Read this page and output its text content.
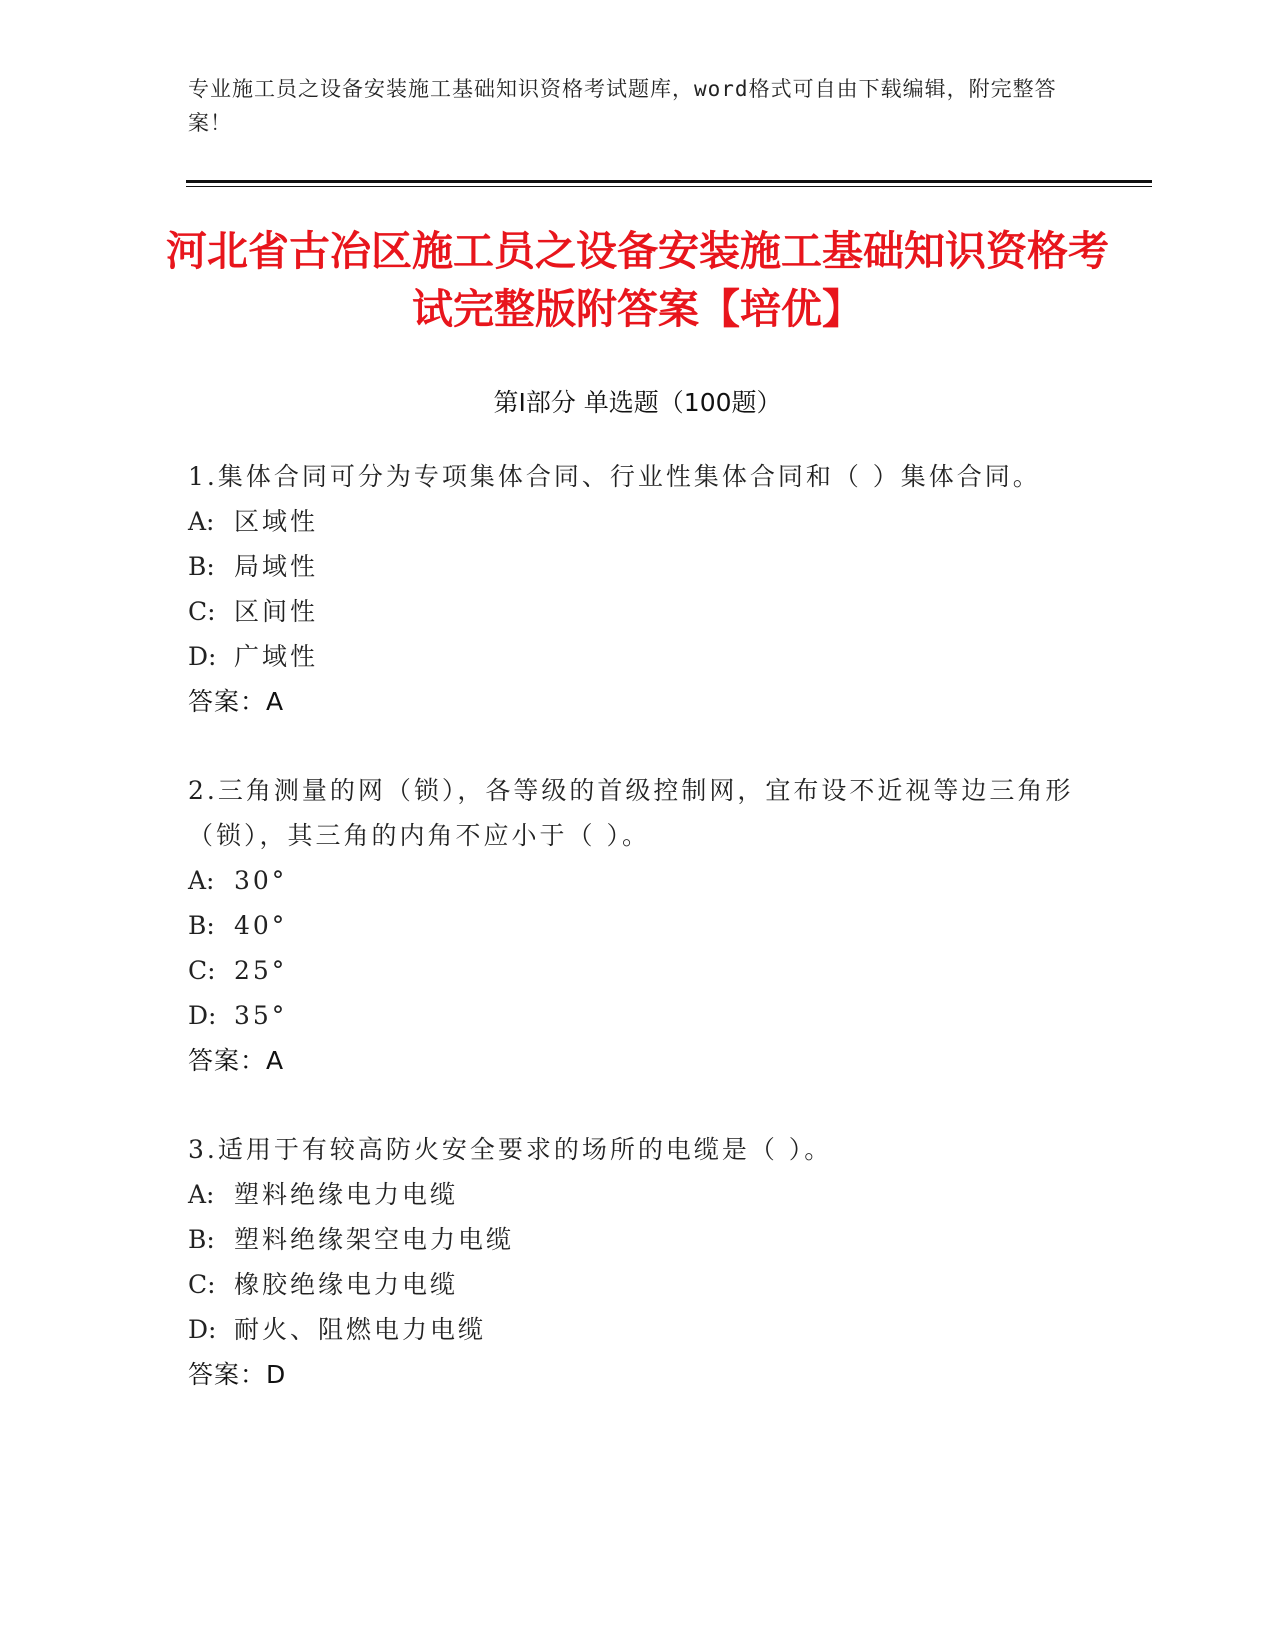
专业施工员之设备安装施工基础知识资格考试题库，word格式可自由下载编辑，附完整答案！
河北省古冶区施工员之设备安装施工基础知识资格考试完整版附答案【培优】
第Ⅰ部分 单选题（100题）

1.集体合同可分为专项集体合同、行业性集体合同和（ ）集体合同。

A: 区域性

B: 局域性

C: 区间性

D: 广域性

答案：A

2.三角测量的网（锁），各等级的首级控制网，宜布设不近视等边三角形（锁），其三角的内角不应小于（ ）。

A: 30°

B: 40°

C: 25°

D: 35°

答案：A

3.适用于有较高防火安全要求的场所的电缆是（ ）。

A: 塑料绝缘电力电缆

B: 塑料绝缘架空电力电缆

C: 橡胶绝缘电力电缆

D: 耐火、阻燃电力电缆

答案：D
